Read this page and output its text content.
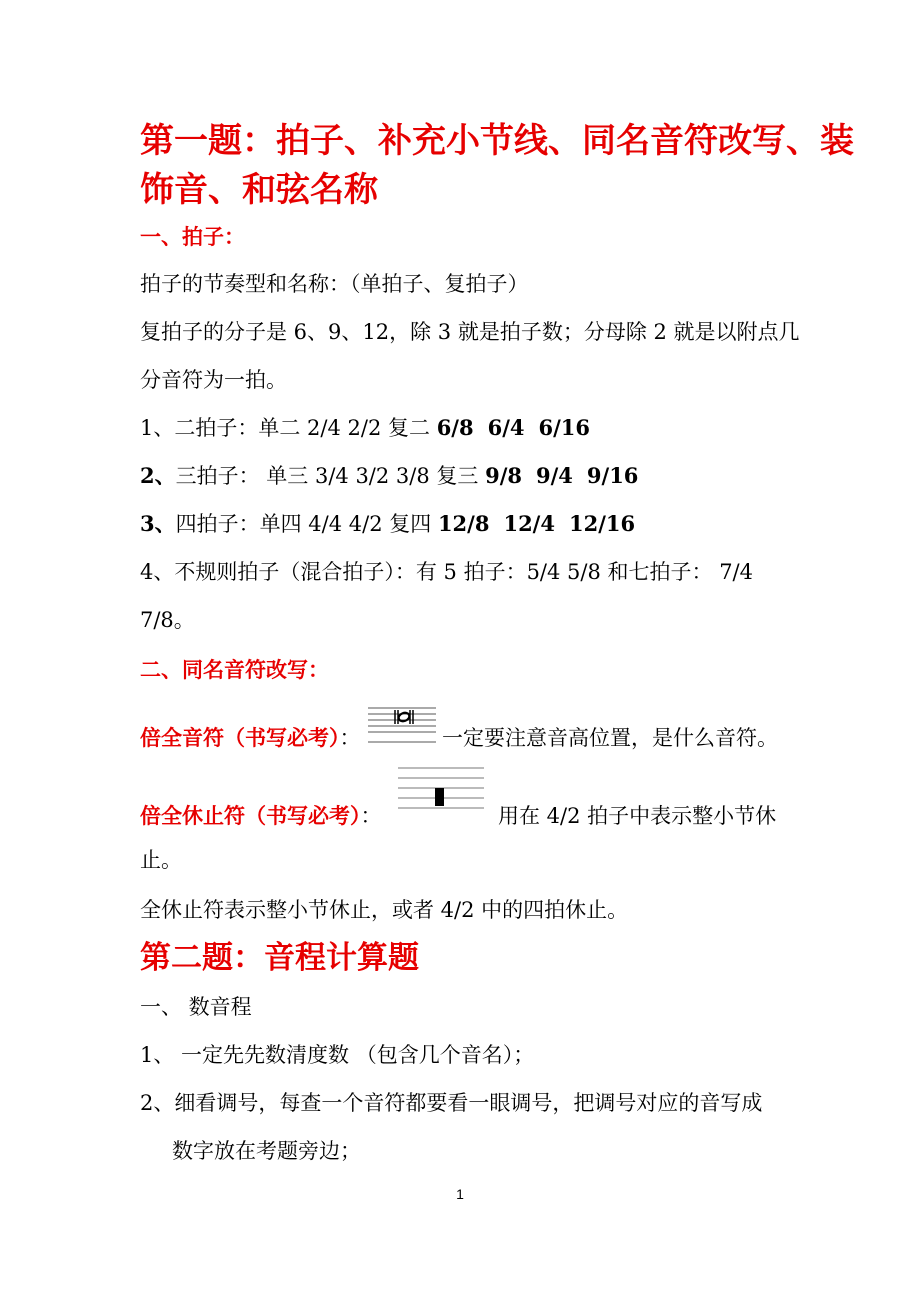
第一题：拍子、补充小节线、同名音符改写、装
饰音、和弦名称
一、拍子：
拍子的节奏型和名称：（单拍子、复拍子）
复拍子的分子是 6、9、12，除 3 就是拍子数；分母除 2 就是以附点几
分音符为一拍。
1、二拍子：单二 2/4 2/2 复二 6/8 6/4 6/16
2、三拍子： 单三 3/4 3/2 3/8 复三 9/8 9/4 9/16
3、四拍子：单四 4/4 4/2 复四 12/8 12/4 12/16
4、不规则拍子（混合拍子）：有 5 拍子：5/4 5/8 和七拍子： 7/4
7/8。
二、同名音符改写：
倍全音符（书写必考）：	一定要注意音高位置，是什么音符。
倍全休止符（书写必考）：	用在 4/2 拍子中表示整小节休
止。
全休止符表示整小节休止，或者 4/2 中的四拍休止。
第二题：音程计算题
一、 数音程
1、 一定先先数清度数 （包含几个音名）；
2、细看调号，每查一个音符都要看一眼调号，把调号对应的音写成
数字放在考题旁边；
1
